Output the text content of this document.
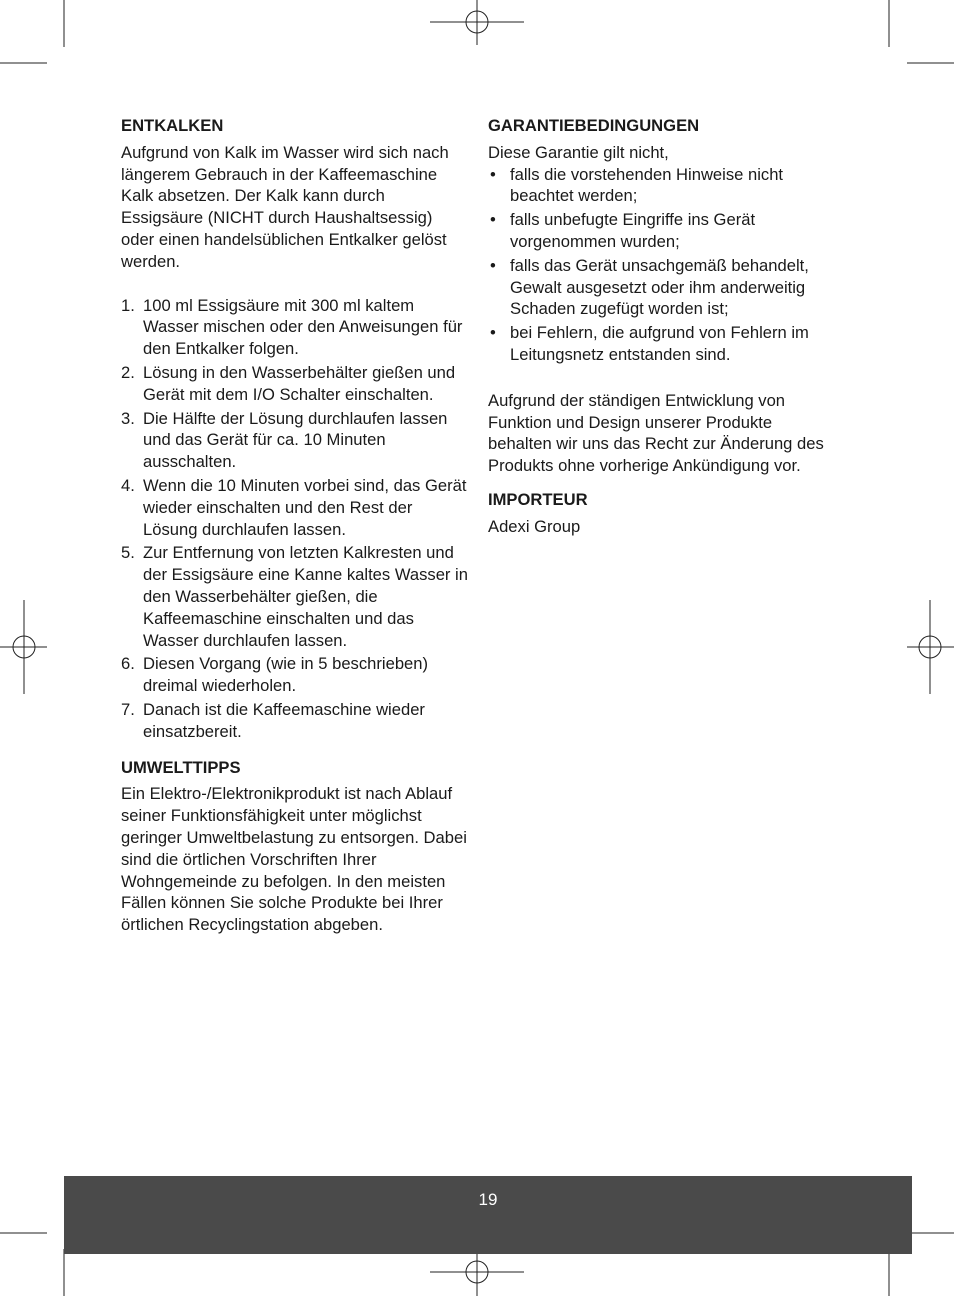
ENTKALKEN

Aufgrund von Kalk im Wasser wird sich nach längerem Gebrauch in der Kaffeemaschine Kalk absetzen. Der Kalk kann durch Essigsäure (NICHT durch Haushaltsessig) oder einen handelsüblichen Entkalker gelöst werden.

1. 100 ml Essigsäure mit 300 ml kaltem Wasser mischen oder den Anweisungen für den Entkalker folgen.
2. Lösung in den Wasserbehälter gießen und Gerät mit dem I/O Schalter einschalten.
3. Die Hälfte der Lösung durchlaufen lassen und das Gerät für ca. 10 Minuten ausschalten.
4. Wenn die 10 Minuten vorbei sind, das Gerät wieder einschalten und den Rest der Lösung durchlaufen lassen.
5. Zur Entfernung von letzten Kalkresten und der Essigsäure eine Kanne kaltes Wasser in den Wasserbehälter gießen, die Kaffeemaschine einschalten und das Wasser durchlaufen lassen.
6. Diesen Vorgang (wie in 5 beschrieben) dreimal wiederholen.
7. Danach ist die Kaffeemaschine wieder einsatzbereit.
UMWELTTIPPS

Ein Elektro-/Elektronikprodukt ist nach Ablauf seiner Funktionsfähigkeit unter möglichst geringer Umweltbelastung zu entsorgen. Dabei sind die örtlichen Vorschriften Ihrer Wohngemeinde zu befolgen. In den meisten Fällen können Sie solche Produkte bei Ihrer örtlichen Recyclingstation abgeben.

GARANTIEBEDINGUNGEN

Diese Garantie gilt nicht,

• falls die vorstehenden Hinweise nicht beachtet werden;
• falls unbefugte Eingriffe ins Gerät vorgenommen wurden;
• falls das Gerät unsachgemäß behandelt, Gewalt ausgesetzt oder ihm anderweitig Schaden zugefügt worden ist;
• bei Fehlern, die aufgrund von Fehlern im Leitungsnetz entstanden sind.

Aufgrund der ständigen Entwicklung von Funktion und Design unserer Produkte behalten wir uns das Recht zur Änderung des Produkts ohne vorherige Ankündigung vor.

IMPORTEUR

Adexi Group

19
